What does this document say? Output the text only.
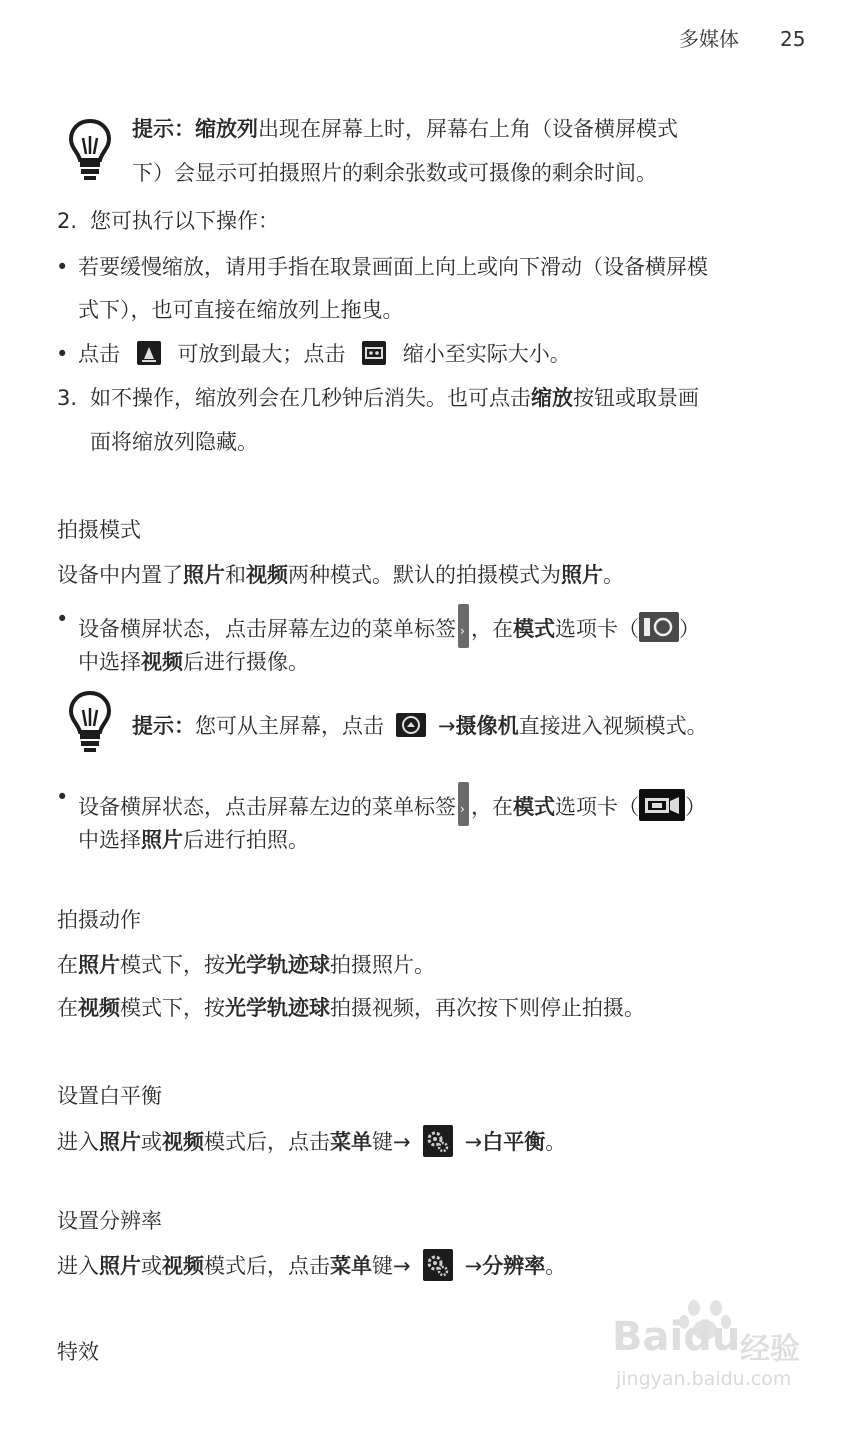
多媒体 25
提示：缩放列出现在屏幕上时，屏幕右上角（设备横屏模式
下）会显示可拍摄照片的剩余张数或可摄像的剩余时间。
2. 您可执行以下操作：
• 若要缓慢缩放，请用手指在取景画面上向上或向下滑动（设备横屏模
式下），也可直接在缩放列上拖曳。
• 点击	可放到最大；点击	缩小至实际大小。
3. 如不操作，缩放列会在几秒钟后消失。也可点击缩放按钮或取景画
面将缩放列隐藏。
拍摄模式
设备中内置了照片和视频两种模式。默认的拍摄模式为照片。
• 设备横屏状态，点击屏幕左边的菜单标签 › ，在模式选项卡（ ）
中选择视频后进行摄像。
提示：您可从主屏幕，点击	→摄像机直接进入视频模式。
• 设备横屏状态，点击屏幕左边的菜单标签 › ，在模式选项卡（ ）
中选择照片后进行拍照。
拍摄动作
在照片模式下，按光学轨迹球拍摄照片。
在视频模式下，按光学轨迹球拍摄视频，再次按下则停止拍摄。
设置白平衡
进入照片或视频模式后，点击菜单键→	→白平衡。
设置分辨率
进入照片或视频模式后，点击菜单键→	→分辨率。
特效	Baidu 经验
jingyan.baidu.com
